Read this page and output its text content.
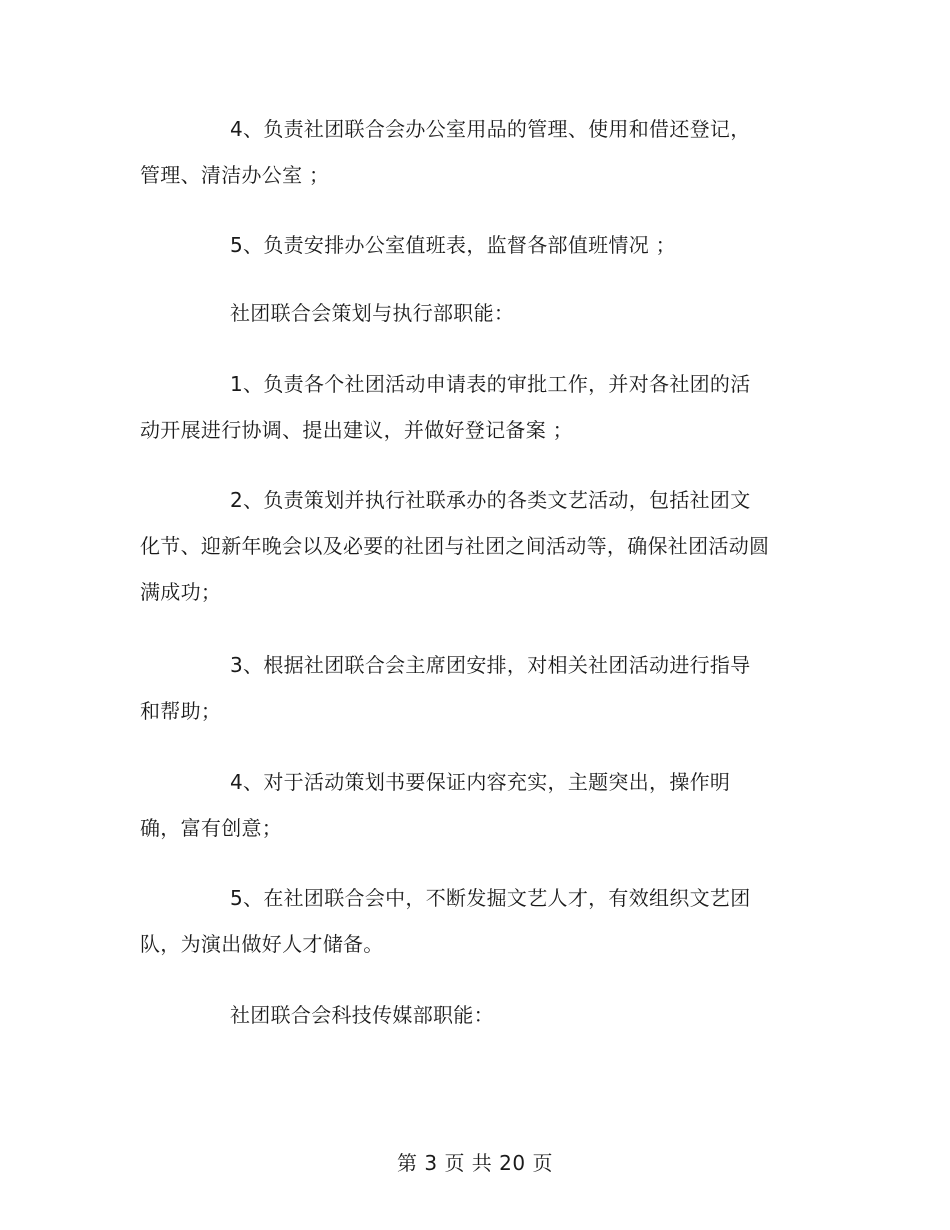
4、负责社团联合会办公室用品的管理、使用和借还登记，管理、清洁办公室 ；

5、负责安排办公室值班表，监督各部值班情况 ；

社团联合会策划与执行部职能：

1、负责各个社团活动申请表的审批工作，并对各社团的活动开展进行协调、提出建议，并做好登记备案 ；

2、负责策划并执行社联承办的各类文艺活动，包括社团文化节、迎新年晚会以及必要的社团与社团之间活动等，确保社团活动圆满成功；

3、根据社团联合会主席团安排，对相关社团活动进行指导和帮助；

4、对于活动策划书要保证内容充实，主题突出，操作明确，富有创意；

5、在社团联合会中，不断发掘文艺人才，有效组织文艺团队，为演出做好人才储备。

社团联合会科技传媒部职能：

第 3 页 共 20 页
